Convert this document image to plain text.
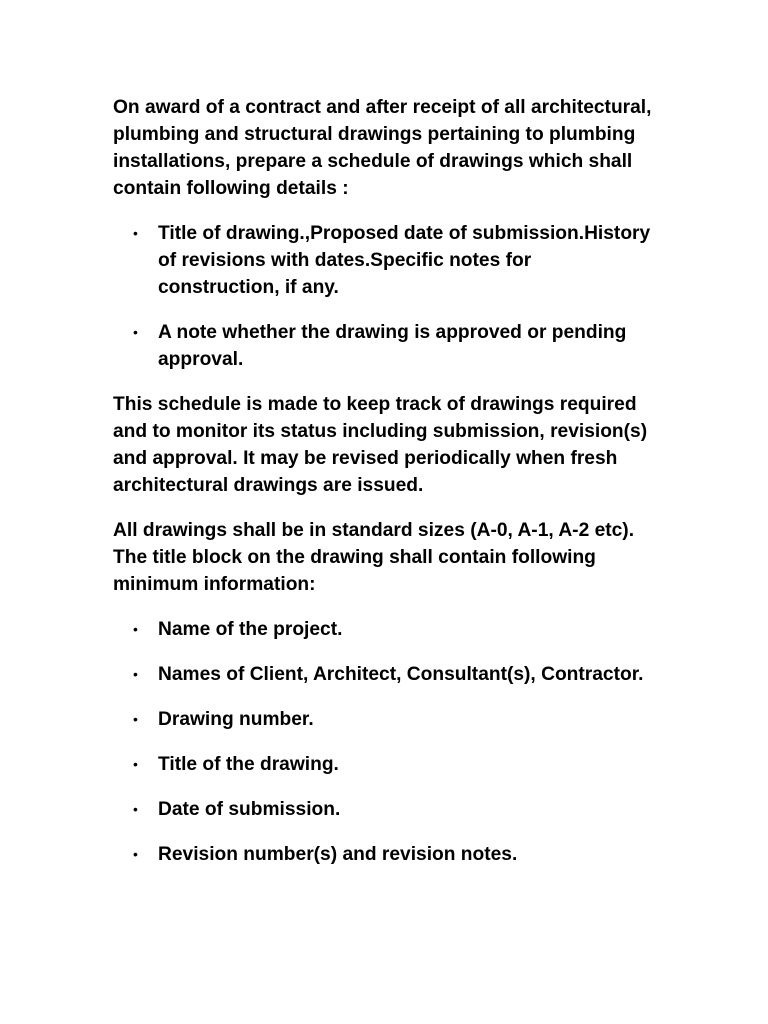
On award of a contract and after receipt of all architectural, plumbing and structural drawings pertaining to plumbing installations, prepare a schedule of drawings which shall contain following details :

• Title of drawing.,Proposed date of submission.History of revisions with dates.Specific notes for construction, if any.
• A note whether the drawing is approved or pending approval.

This schedule is made to keep track of drawings required and to monitor its status including submission, revision(s) and approval. It may be revised periodically when fresh architectural drawings are issued.

All drawings shall be in standard sizes (A-0, A-1, A-2 etc). The title block on the drawing shall contain following minimum information:

• Name of the project.
• Names of Client, Architect, Consultant(s), Contractor.
• Drawing number.
• Title of the drawing.
• Date of submission.
• Revision number(s) and revision notes.
